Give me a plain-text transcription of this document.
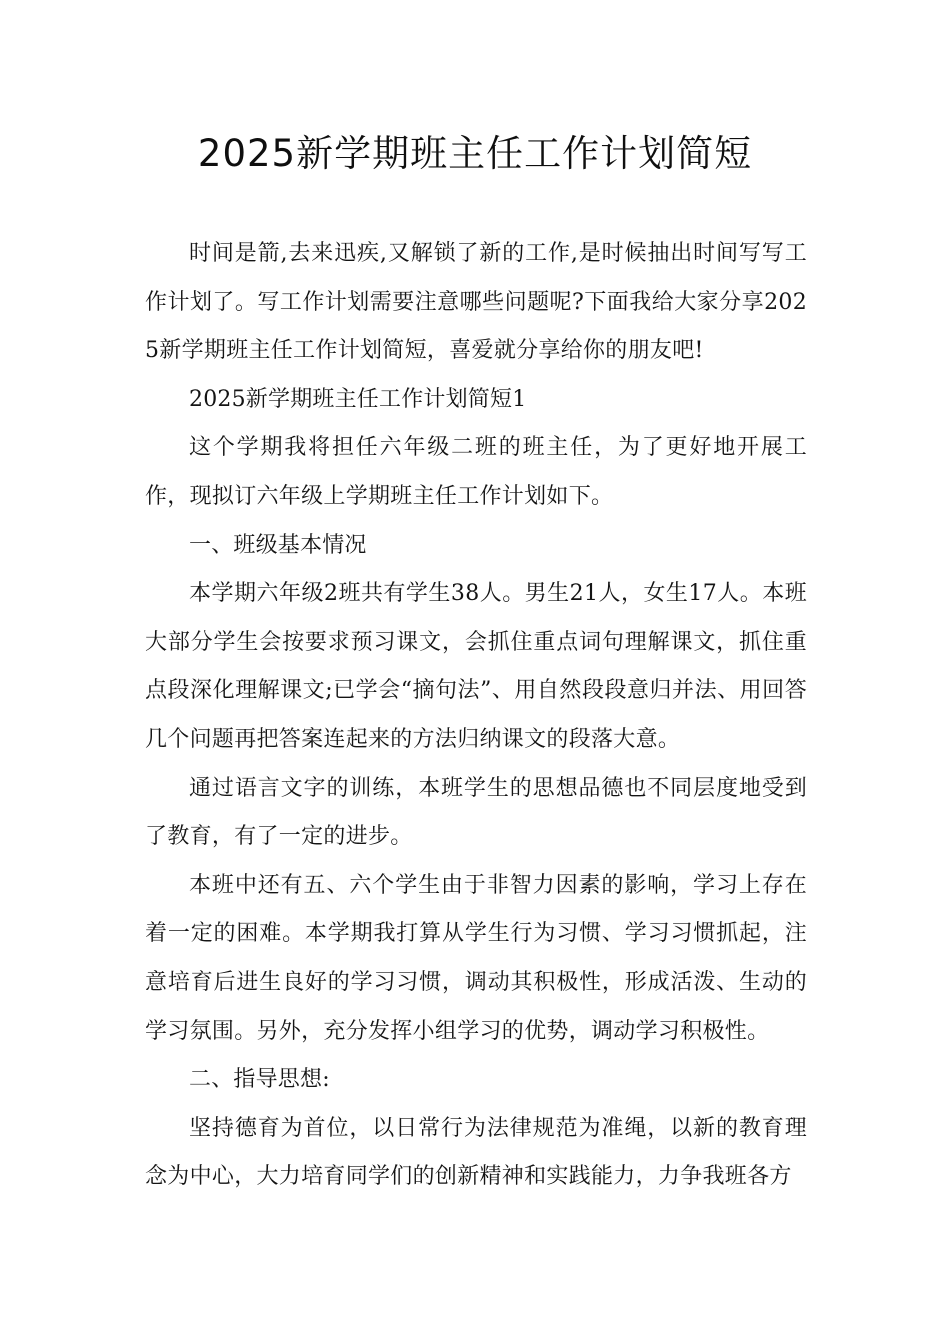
2025新学期班主任工作计划简短

时间是箭,去来迅疾,又解锁了新的工作,是时候抽出时间写写工作计划了。写工作计划需要注意哪些问题呢?下面我给大家分享2025新学期班主任工作计划简短，喜爱就分享给你的朋友吧!

2025新学期班主任工作计划简短1

这个学期我将担任六年级二班的班主任，为了更好地开展工作，现拟订六年级上学期班主任工作计划如下。

一、班级基本情况

本学期六年级2班共有学生38人。男生21人，女生17人。本班大部分学生会按要求预习课文，会抓住重点词句理解课文，抓住重点段深化理解课文;已学会“摘句法”、用自然段段意归并法、用回答几个问题再把答案连起来的方法归纳课文的段落大意。

通过语言文字的训练，本班学生的思想品德也不同层度地受到了教育，有了一定的进步。

本班中还有五、六个学生由于非智力因素的影响，学习上存在着一定的困难。本学期我打算从学生行为习惯、学习习惯抓起，注意培育后进生良好的学习习惯，调动其积极性，形成活泼、生动的学习氛围。另外，充分发挥小组学习的优势，调动学习积极性。

二、指导思想:

坚持德育为首位，以日常行为法律规范为准绳，以新的教育理念为中心，大力培育同学们的创新精神和实践能力，力争我班各方
